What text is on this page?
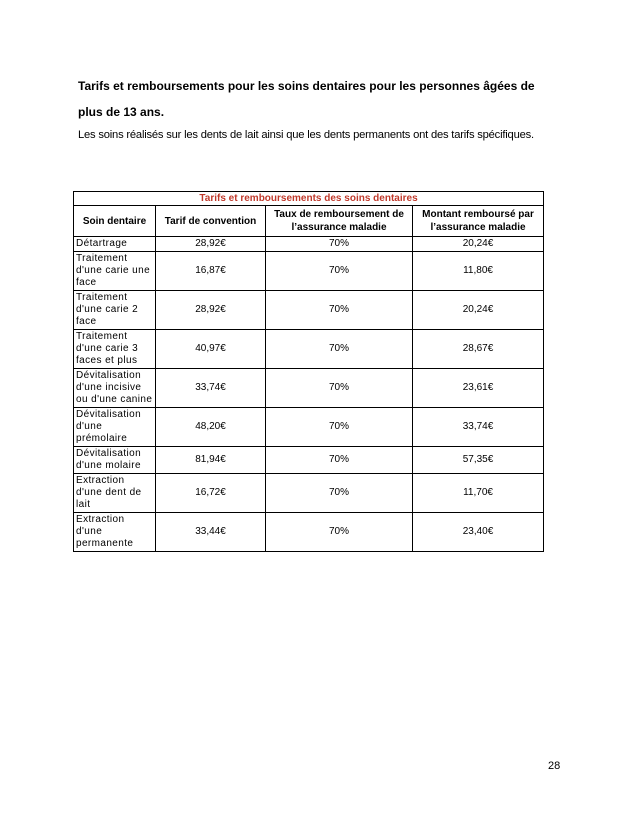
Tarifs et remboursements pour les soins dentaires pour les personnes âgées de plus de 13 ans.

Les soins réalisés sur les dents de lait ainsi que les dents permanents ont des tarifs spécifiques.

Tarifs et remboursements des soins dentaires			
Soin dentaire	Tarif de convention	Taux de remboursement de l’assurance maladie	Montant remboursé par l’assurance maladie
Détartrage	28,92€	70%	20,24€
Traitement d'une carie une face	16,87€	70%	11,80€
Traitement d'une carie 2 face	28,92€	70%	20,24€
Traitement d'une carie 3 faces et plus	40,97€	70%	28,67€
Dévitalisation d'une incisive ou d'une canine	33,74€	70%	23,61€
Dévitalisation d'une prémolaire	48,20€	70%	33,74€
Dévitalisation d'une molaire	81,94€	70%	57,35€
Extraction d'une dent de lait	16,72€	70%	11,70€
Extraction d'une permanente	33,44€	70%	23,40€

28
